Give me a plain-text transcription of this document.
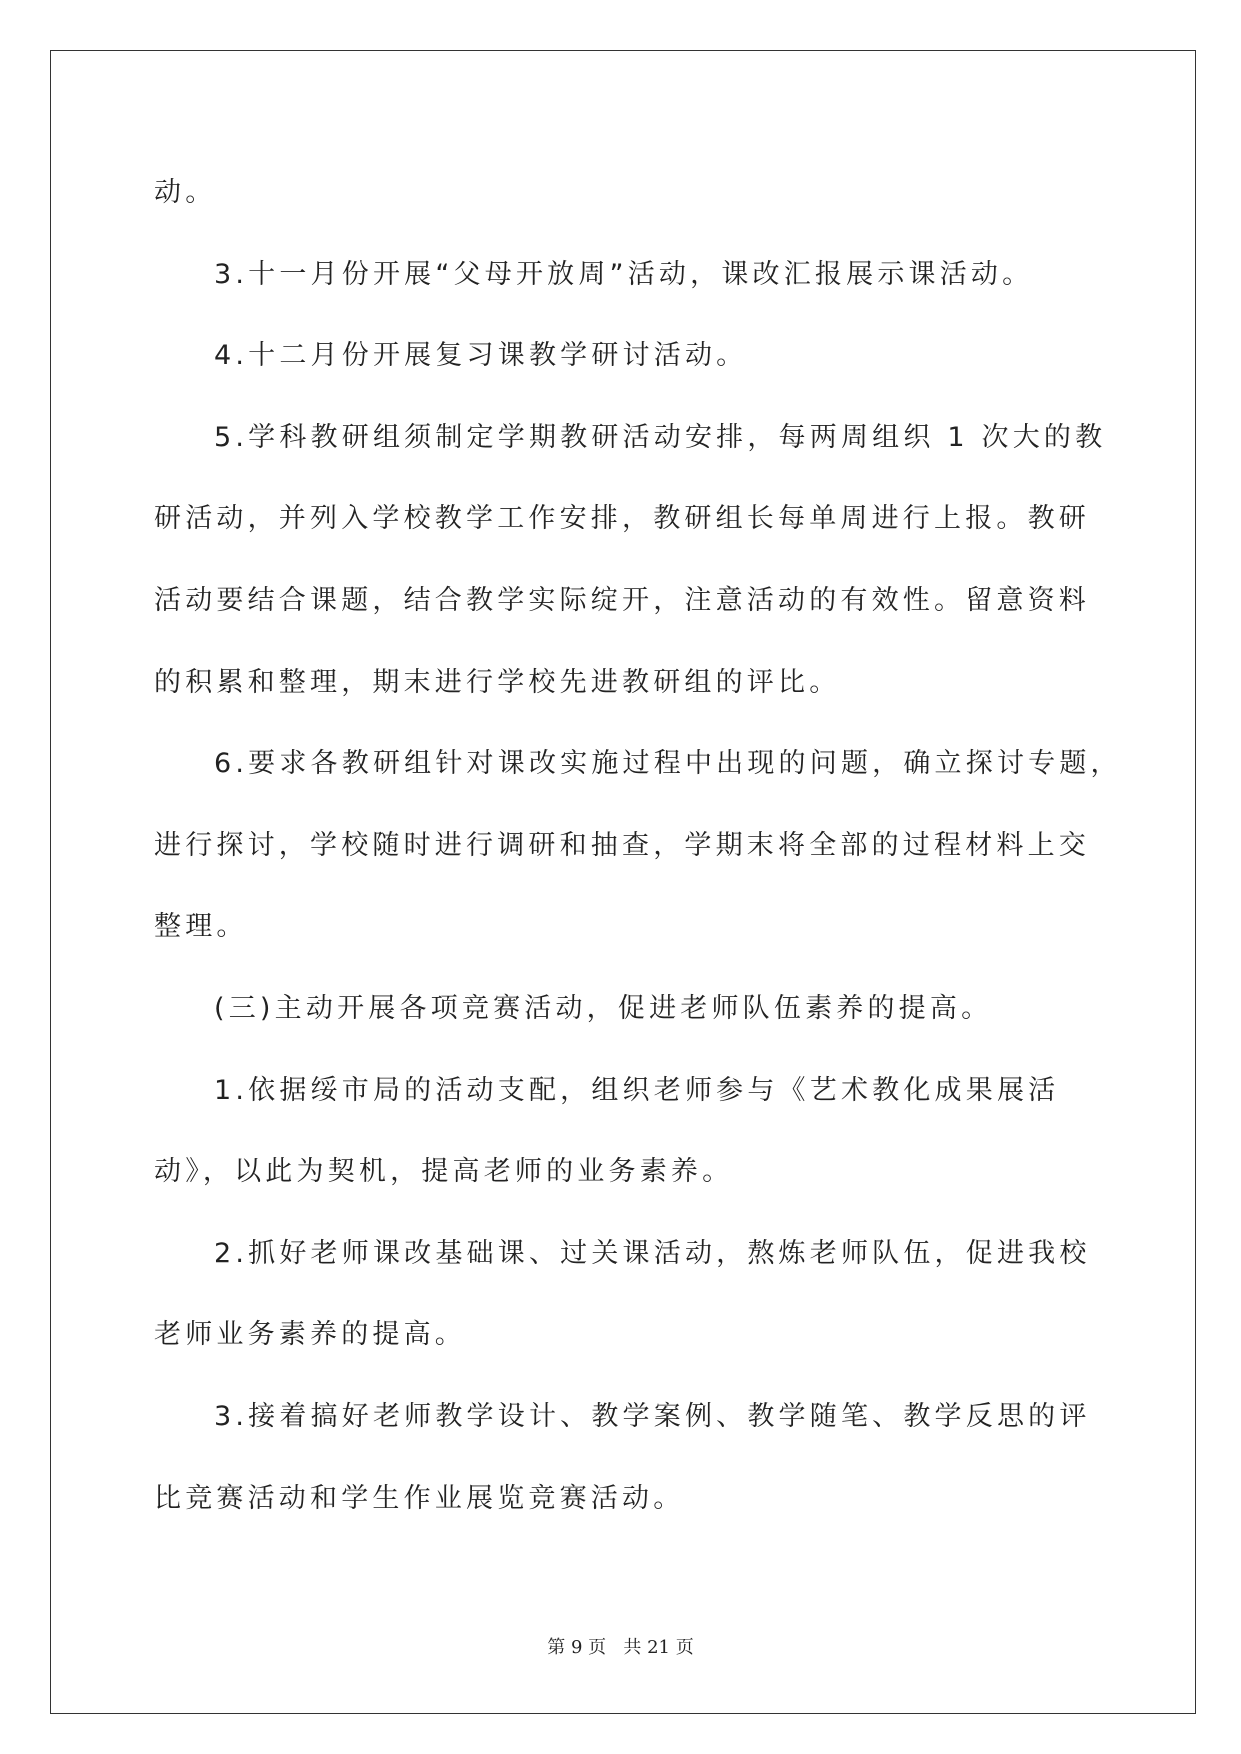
动。
3.十一月份开展“父母开放周”活动，课改汇报展示课活动。
4.十二月份开展复习课教学研讨活动。
5.学科教研组须制定学期教研活动安排，每两周组织 1 次大的教
研活动，并列入学校教学工作安排，教研组长每单周进行上报。教研
活动要结合课题，结合教学实际绽开，注意活动的有效性。留意资料
的积累和整理，期末进行学校先进教研组的评比。
6.要求各教研组针对课改实施过程中出现的问题，确立探讨专题，
进行探讨，学校随时进行调研和抽查，学期末将全部的过程材料上交
整理。
(三)主动开展各项竞赛活动，促进老师队伍素养的提高。
1.依据绥市局的活动支配，组织老师参与《艺术教化成果展活
动》，以此为契机，提高老师的业务素养。
2.抓好老师课改基础课、过关课活动，熬炼老师队伍，促进我校
老师业务素养的提高。
3.接着搞好老师教学设计、教学案例、教学随笔、教学反思的评
比竞赛活动和学生作业展览竞赛活动。
第 9 页   共 21 页
